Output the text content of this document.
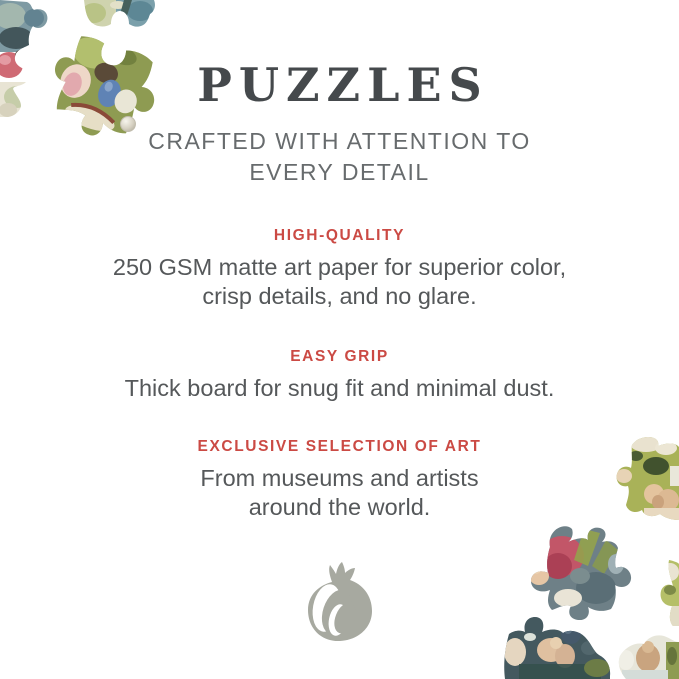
PUZZLES

CRAFTED WITH ATTENTION TO
EVERY DETAIL

HIGH-QUALITY

250 GSM matte art paper for superior color,
crisp details, and no glare.

EASY GRIP

Thick board for snug fit and minimal dust.

EXCLUSIVE SELECTION OF ART

From museums and artists
around the world.
